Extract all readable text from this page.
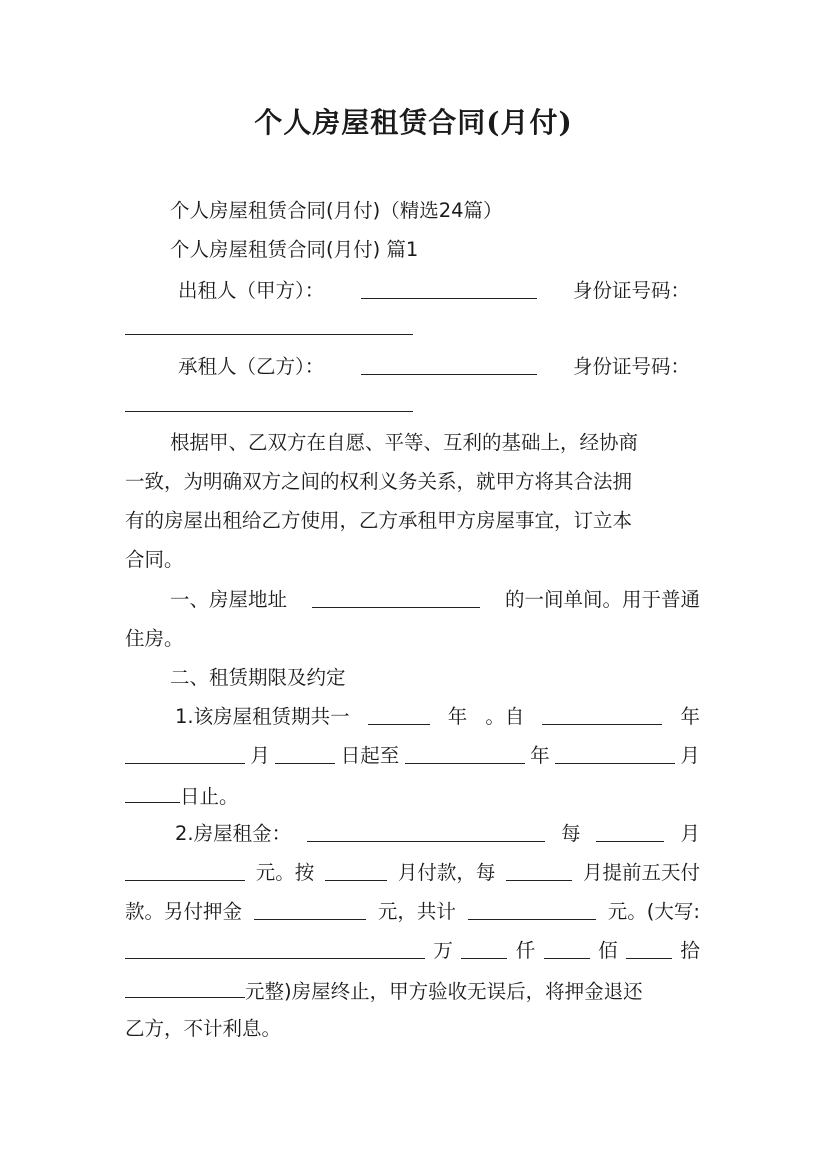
个人房屋租赁合同(月付)
个人房屋租赁合同(月付)（精选24篇）
个人房屋租赁合同(月付) 篇1
出租人（甲方）：	身份证号码：
承租人（乙方）：	身份证号码：
根据甲、乙双方在自愿、平等、互利的基础上，经协商
一致，为明确双方之间的权利义务关系，就甲方将其合法拥
有的房屋出租给乙方使用，乙方承租甲方房屋事宜，订立本
合同。
一、房屋地址	的一间单间。用于普通
住房。
二、租赁期限及约定
1.该房屋租赁期共一	年 。自	年
月	日起至	年	月
日止。
2.房屋租金：	每	月
元。按	月付款，每	月提前五天付
款。另付押金	元，共计	元。(大写:
万	仟	佰	拾
元整)房屋终止，甲方验收无误后，将押金退还
乙方，不计利息。
